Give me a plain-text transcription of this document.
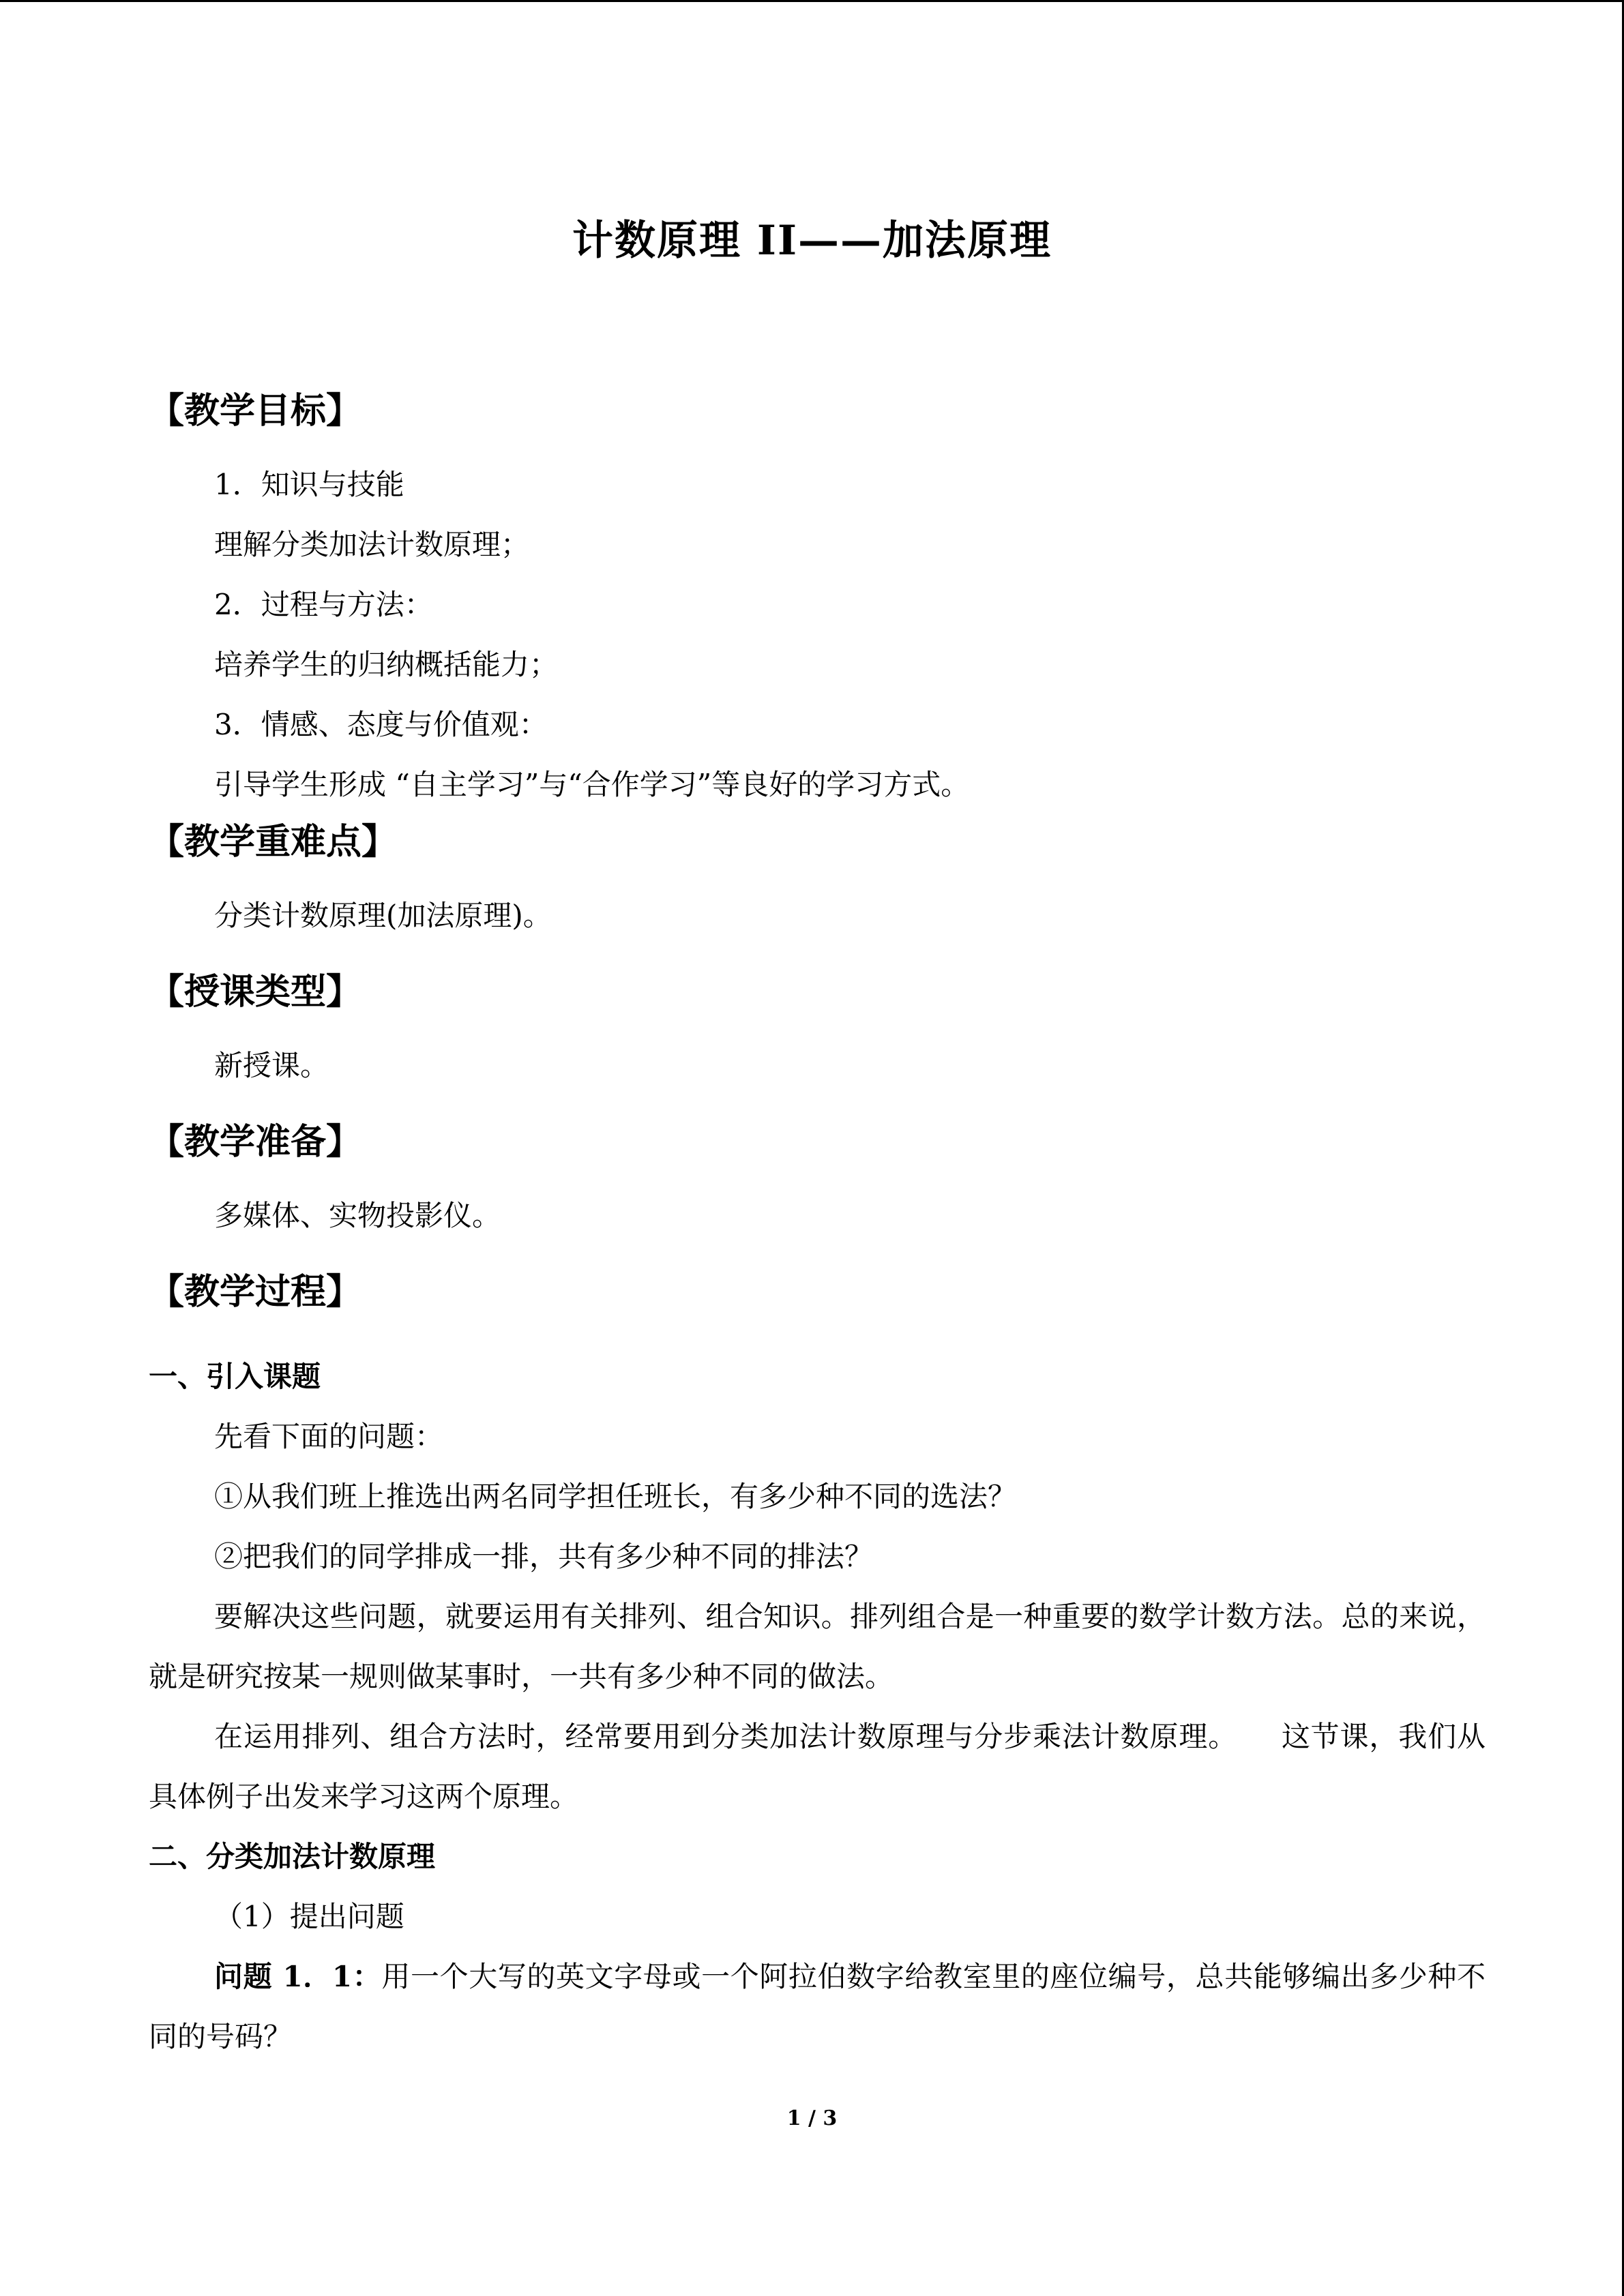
计数原理 II——加法原理
【教学目标】
1．知识与技能
理解分类加法计数原理；
2．过程与方法：
培养学生的归纳概括能力；
3．情感、态度与价值观：
引导学生形成 “自主学习”与“合作学习”等良好的学习方式。
【教学重难点】
分类计数原理(加法原理)。
【授课类型】
新授课。
【教学准备】
多媒体、实物投影仪。
【教学过程】
一、引入课题
先看下面的问题：
①从我们班上推选出两名同学担任班长，有多少种不同的选法？
②把我们的同学排成一排，共有多少种不同的排法？
要解决这些问题，就要运用有关排列、组合知识。排列组合是一种重要的数学计数方法。总的来说，就是研究按某一规则做某事时，一共有多少种不同的做法。
在运用排列、组合方法时，经常要用到分类加法计数原理与分步乘法计数原理。　　这节课，我们从具体例子出发来学习这两个原理。
二、分类加法计数原理
（1）提出问题
问题 1．1：用一个大写的英文字母或一个阿拉伯数字给教室里的座位编号，总共能够编出多少种不同的号码？
1 / 3
